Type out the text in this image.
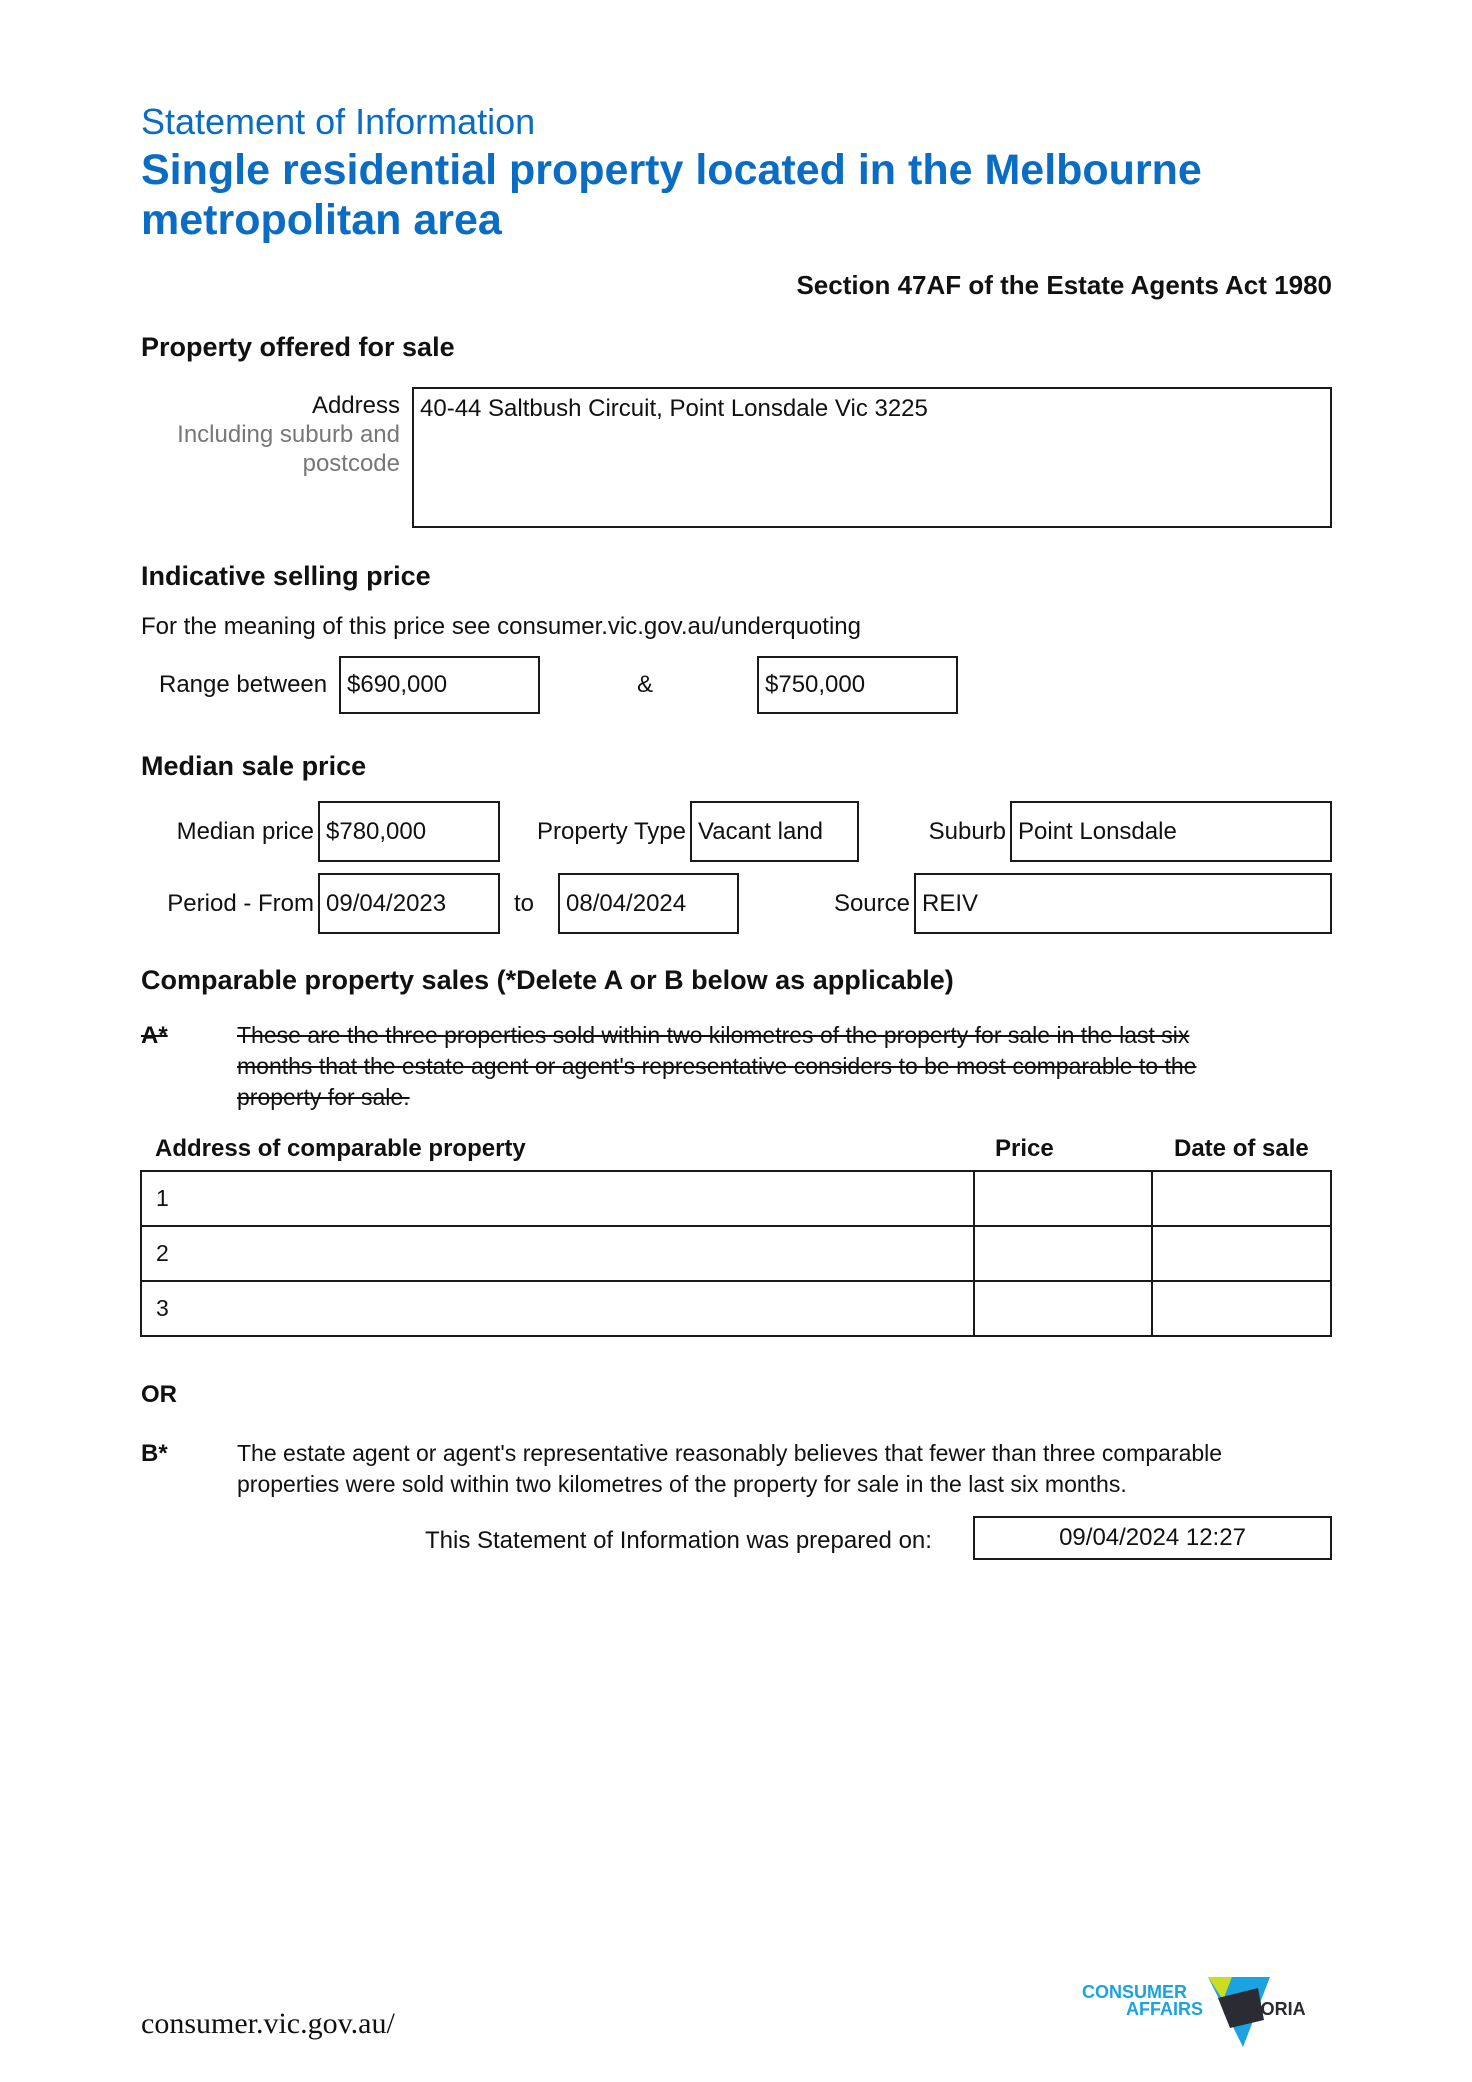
Statement of Information
Single residential property located in the Melbourne metropolitan area
Section 47AF of the Estate Agents Act 1980
Property offered for sale
Address
Including suburb and
postcode
40-44 Saltbush Circuit, Point Lonsdale Vic 3225
Indicative selling price
For the meaning of this price see consumer.vic.gov.au/underquoting
Range between $690,000	&	$750,000
Median sale price
Median price $780,000	Property Type Vacant land	Suburb Point Lonsdale
Period - From 09/04/2023	to	08/04/2024	Source REIV
Comparable property sales (*Delete A or B below as applicable)
A*	These are the three properties sold within two kilometres of the property for sale in the last six
months that the estate agent or agent's representative considers to be most comparable to the
property for sale.
Address of comparable property	Price	Date of sale
1		
2		
3		
OR
B*	The estate agent or agent's representative reasonably believes that fewer than three comparable
properties were sold within two kilometres of the property for sale in the last six months.
This Statement of Information was prepared on:	09/04/2024 12:27
consumer.vic.gov.au/
CONSUMER
AFFAIRS VICTORIA
